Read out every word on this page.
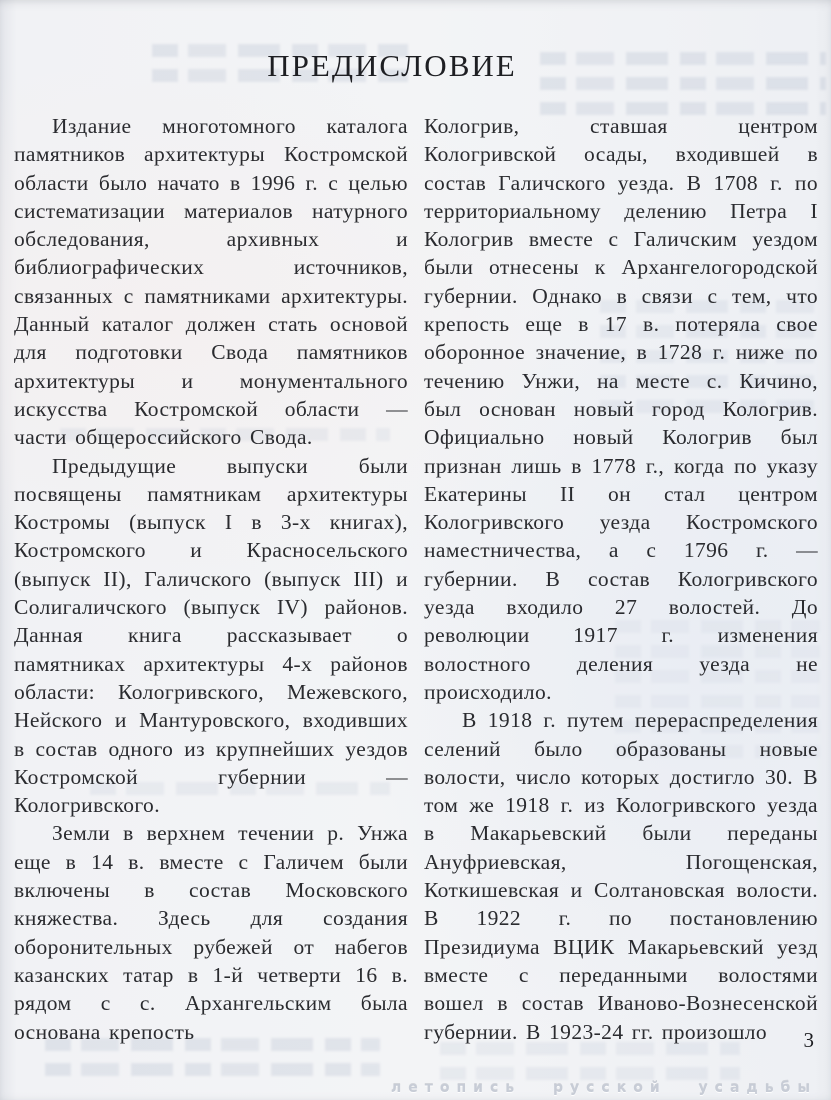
ПРЕДИСЛОВИЕ

Издание многотомного каталога памятников архитектуры Костромской области было начато в 1996 г. с целью систематизации материалов натурного обследования, архивных и библиографических источников, связанных с памятниками архитектуры. Данный каталог должен стать основой для подготовки Свода памятников архитектуры и монументального искусства Костромской области — части общероссийского Свода.

Предыдущие выпуски были посвящены памятникам архитектуры Костромы (выпуск I в 3-х книгах), Костромского и Красносельского (выпуск II), Галичского (выпуск III) и Солигаличского (выпуск IV) районов. Данная книга рассказывает о памятниках архитектуры 4-х районов области: Кологривского, Межевского, Нейского и Мантуровского, входивших в состав одного из крупнейших уездов Костромской губернии — Кологривского.

Земли в верхнем течении р. Унжа еще в 14 в. вместе с Галичем были включены в состав Московского княжества. Здесь для создания оборонительных рубежей от набегов казанских татар в 1-й четверти 16 в. рядом с с. Архангельским была основана крепость

Кологрив, ставшая центром Кологривской осады, входившей в состав Галичского уезда. В 1708 г. по территориальному делению Петра I Кологрив вместе с Галичским уездом были отнесены к Архангелогородской губернии. Однако в связи с тем, что крепость еще в 17 в. потеряла свое оборонное значение, в 1728 г. ниже по течению Унжи, на месте с. Кичино, был основан новый город Кологрив. Официально новый Кологрив был признан лишь в 1778 г., когда по указу Екатерины II он стал центром Кологривского уезда Костромского наместничества, а с 1796 г. — губернии. В состав Кологривского уезда входило 27 волостей. До революции 1917 г. изменения волостного деления уезда не происходило.

В 1918 г. путем перераспределения селений было образованы новые волости, число которых достигло 30. В том же 1918 г. из Кологривского уезда в Макарьевский были переданы Ануфриевская, Погощенская, Коткишевская и Солтановская волости. В 1922 г. по постановлению Президиума ВЦИК Макарьевский уезд вместе с переданными волостями вошел в состав Иваново-Вознесенской губернии. В 1923-24 гг. произошло	3
летопись русской усадьбы
